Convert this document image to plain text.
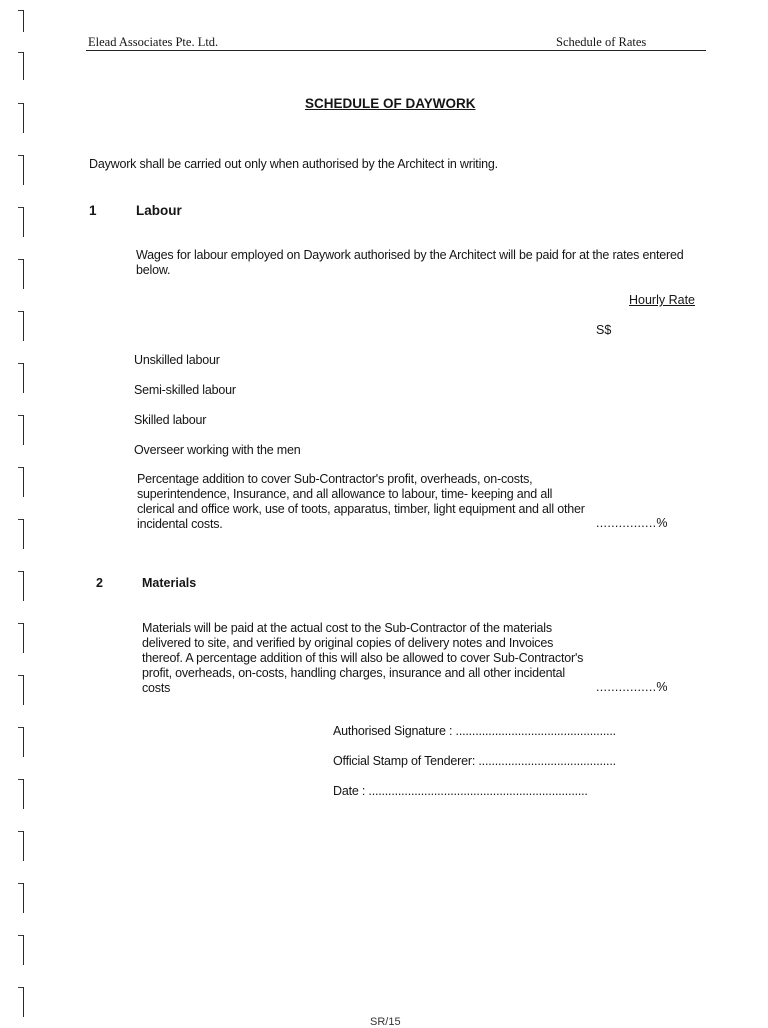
Elead Associates Pte. Ltd.	Schedule of Rates
SCHEDULE OF DAYWORK
Daywork shall be carried out only when authorised by the Architect in writing.
1	Labour
Wages for labour employed on Daywork authorised by the Architect will be paid for at the rates entered below.
Hourly Rate
S$
Unskilled labour
Semi-skilled labour
Skilled labour
Overseer working with the men
Percentage addition to cover Sub-Contractor's profit, overheads, on-costs, superintendence, Insurance, and all allowance to labour, time- keeping and all clerical and office work, use of toots, apparatus, timber, light equipment and all other incidental costs.	................%
2	Materials
Materials will be paid at the actual cost to the Sub-Contractor of the materials delivered to site, and verified by original copies of delivery notes and Invoices thereof. A percentage addition of this will also be allowed to cover Sub-Contractor's profit, overheads, on-costs, handling charges, insurance and all other incidental costs	................%
Authorised Signature : .................................................
Official Stamp of Tenderer: ..........................................
Date : ...................................................................
SR/15
